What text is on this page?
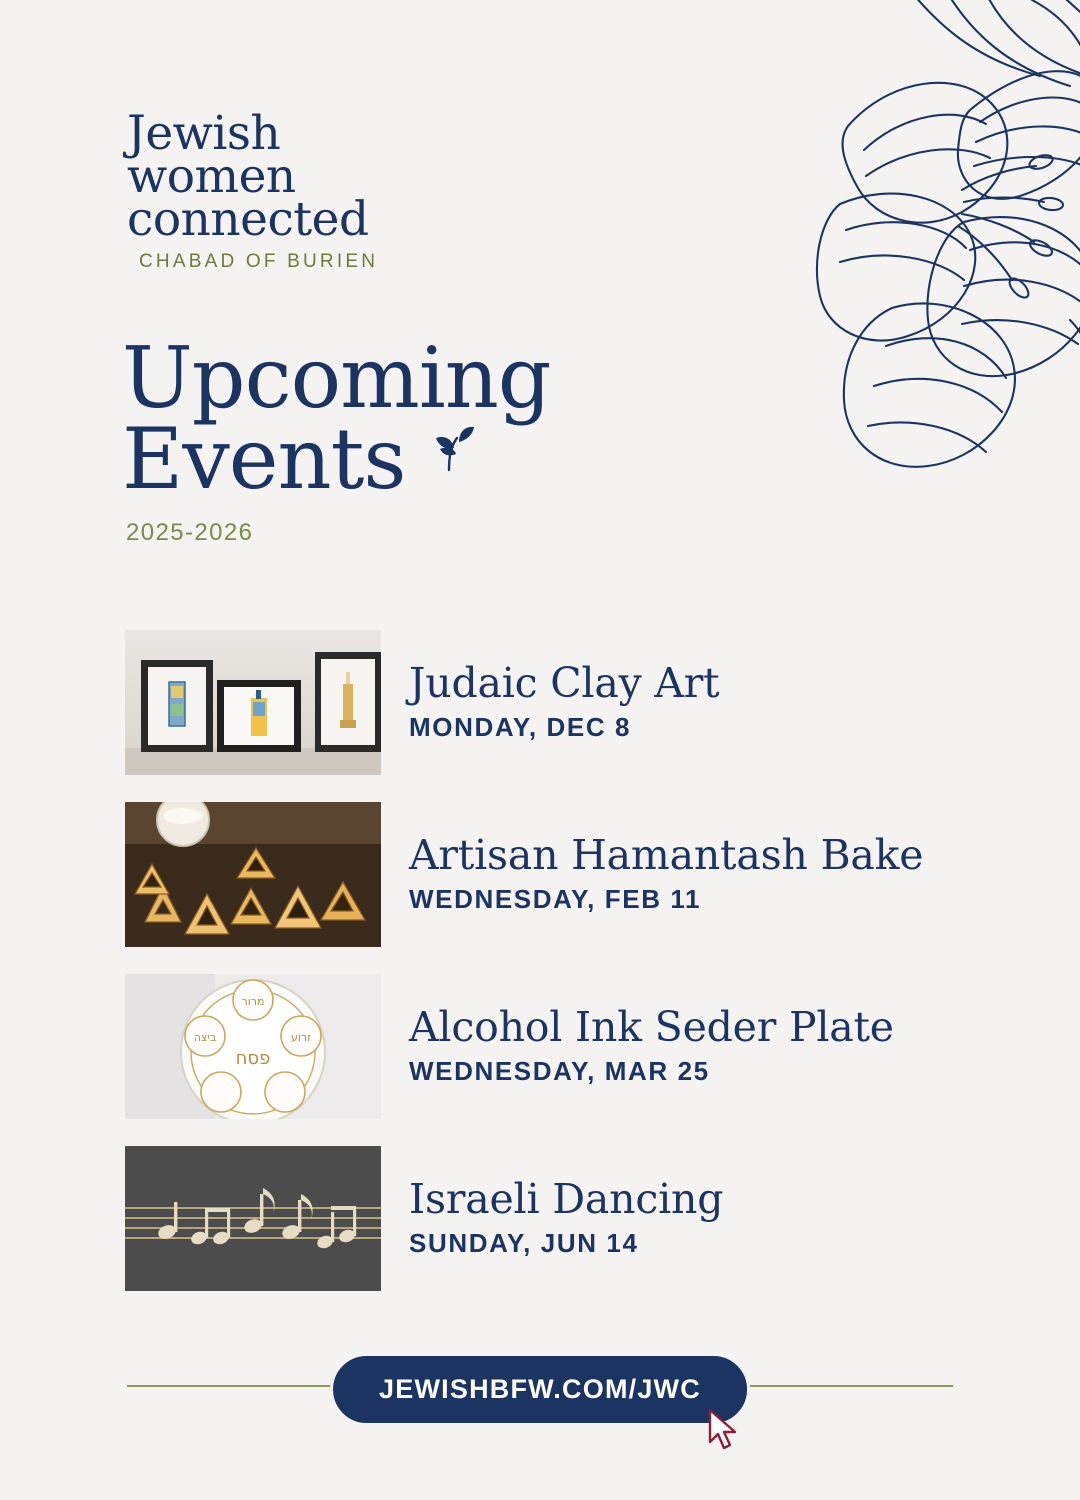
Jewish
women
connected
CHABAD OF BURIEN
Upcoming
Events
2025-2026
Judaic Clay Art
MONDAY, DEC 8
Artisan Hamantash Bake
WEDNESDAY, FEB 11
מרור
ביצה	זרוע
פסח
Alcohol Ink Seder Plate
WEDNESDAY, MAR 25
Israeli Dancing
SUNDAY, JUN 14
JEWISHBFW.COM/JWC
